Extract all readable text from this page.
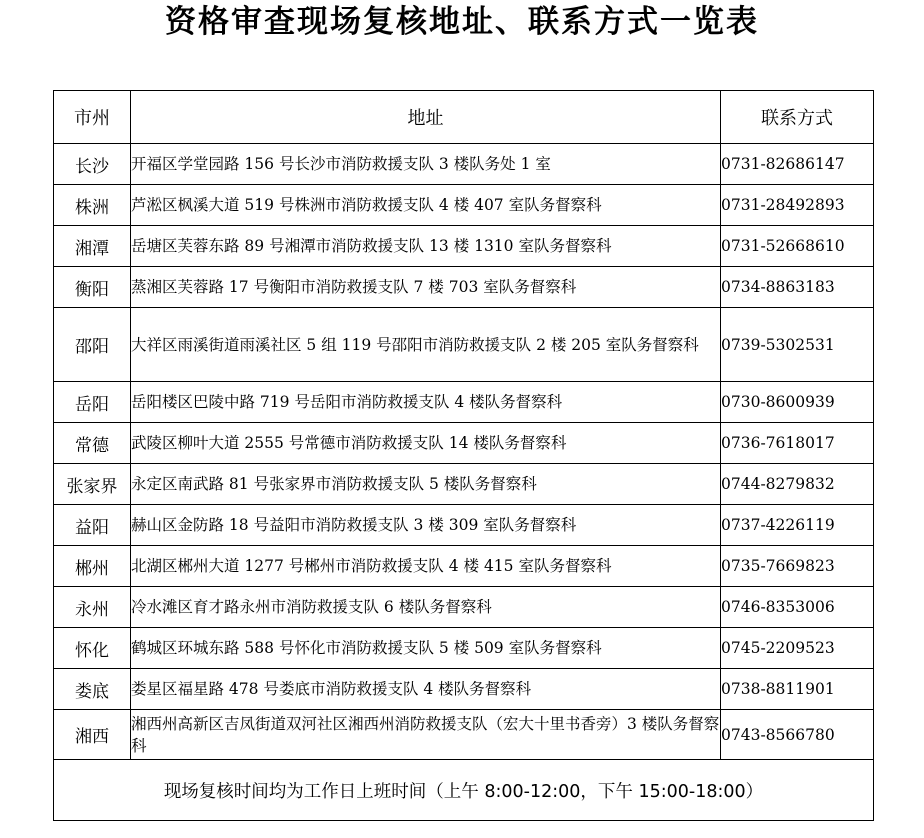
资格审查现场复核地址、联系方式一览表
市州	地址	联系方式
长沙	开福区学堂园路 156 号长沙市消防救援支队 3 楼队务处 1 室	0731-82686147
株洲	芦淞区枫溪大道 519 号株洲市消防救援支队 4 楼 407 室队务督察科	0731-28492893
湘潭	岳塘区芙蓉东路 89 号湘潭市消防救援支队 13 楼 1310 室队务督察科	0731-52668610
衡阳	蒸湘区芙蓉路 17 号衡阳市消防救援支队 7 楼 703 室队务督察科	0734-8863183
邵阳	大祥区雨溪街道雨溪社区 5 组 119 号邵阳市消防救援支队 2 楼 205 室队务督察科	0739-5302531
岳阳	岳阳楼区巴陵中路 719 号岳阳市消防救援支队 4 楼队务督察科	0730-8600939
常德	武陵区柳叶大道 2555 号常德市消防救援支队 14 楼队务督察科	0736-7618017
张家界	永定区南武路 81 号张家界市消防救援支队 5 楼队务督察科	0744-8279832
益阳	赫山区金防路 18 号益阳市消防救援支队 3 楼 309 室队务督察科	0737-4226119
郴州	北湖区郴州大道 1277 号郴州市消防救援支队 4 楼 415 室队务督察科	0735-7669823
永州	冷水滩区育才路永州市消防救援支队 6 楼队务督察科	0746-8353006
怀化	鹤城区环城东路 588 号怀化市消防救援支队 5 楼 509 室队务督察科	0745-2209523
娄底	娄星区福星路 478 号娄底市消防救援支队 4 楼队务督察科	0738-8811901
湘西	湘西州高新区吉凤街道双河社区湘西州消防救援支队（宏大十里书香旁）3 楼队务督察科	0743-8566780
现场复核时间均为工作日上班时间（上午 8:00-12:00，下午 15:00-18:00）		
